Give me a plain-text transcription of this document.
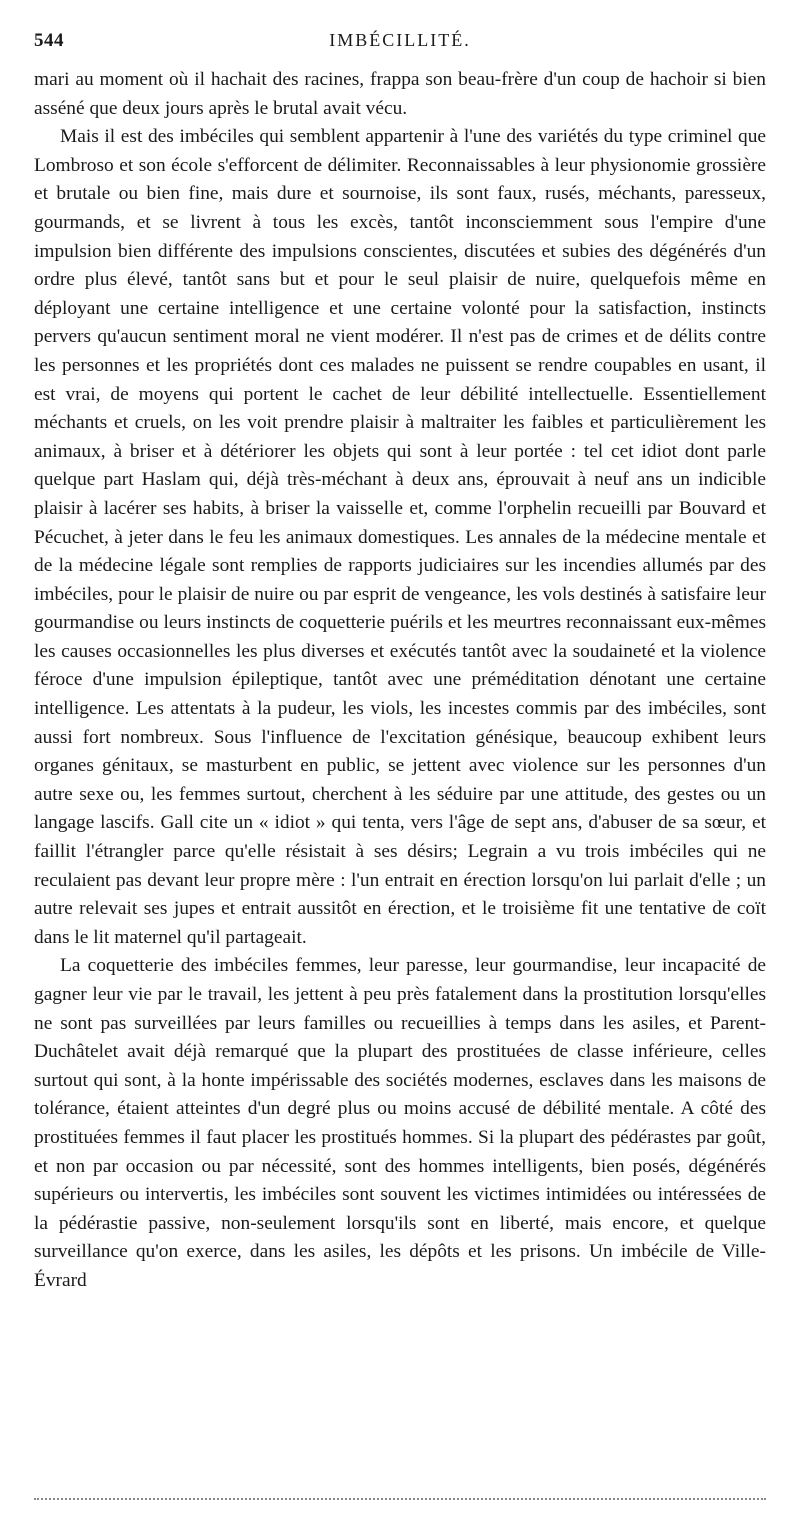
544	IMBÉCILLITÉ.

mari au moment où il hachait des racines, frappa son beau-frère d'un coup de hachoir si bien asséné que deux jours après le brutal avait vécu.

Mais il est des imbéciles qui semblent appartenir à l'une des variétés du type criminel que Lombroso et son école s'efforcent de délimiter. Reconnaissables à leur physionomie grossière et brutale ou bien fine, mais dure et sournoise, ils sont faux, rusés, méchants, paresseux, gourmands, et se livrent à tous les excès, tantôt inconsciemment sous l'empire d'une impulsion bien différente des impulsions conscientes, discutées et subies des dégénérés d'un ordre plus élevé, tantôt sans but et pour le seul plaisir de nuire, quelquefois même en déployant une certaine intelligence et une certaine volonté pour la satisfaction, instincts pervers qu'aucun sentiment moral ne vient modérer. Il n'est pas de crimes et de délits contre les personnes et les propriétés dont ces malades ne puissent se rendre coupables en usant, il est vrai, de moyens qui portent le cachet de leur débilité intellectuelle. Essentiellement méchants et cruels, on les voit prendre plaisir à maltraiter les faibles et particulièrement les animaux, à briser et à détériorer les objets qui sont à leur portée : tel cet idiot dont parle quelque part Haslam qui, déjà très-méchant à deux ans, éprouvait à neuf ans un indicible plaisir à lacérer ses habits, à briser la vaisselle et, comme l'orphelin recueilli par Bouvard et Pécuchet, à jeter dans le feu les animaux domestiques. Les annales de la médecine mentale et de la médecine légale sont remplies de rapports judiciaires sur les incendies allumés par des imbéciles, pour le plaisir de nuire ou par esprit de vengeance, les vols destinés à satisfaire leur gourmandise ou leurs instincts de coquetterie puérils et les meurtres reconnaissant eux-mêmes les causes occasionnelles les plus diverses et exécutés tantôt avec la soudaineté et la violence féroce d'une impulsion épileptique, tantôt avec une préméditation dénotant une certaine intelligence. Les attentats à la pudeur, les viols, les incestes commis par des imbéciles, sont aussi fort nombreux. Sous l'influence de l'excitation génésique, beaucoup exhibent leurs organes génitaux, se masturbent en public, se jettent avec violence sur les personnes d'un autre sexe ou, les femmes surtout, cherchent à les séduire par une attitude, des gestes ou un langage lascifs. Gall cite un « idiot » qui tenta, vers l'âge de sept ans, d'abuser de sa sœur, et faillit l'étrangler parce qu'elle résistait à ses désirs; Legrain a vu trois imbéciles qui ne reculaient pas devant leur propre mère : l'un entrait en érection lorsqu'on lui parlait d'elle ; un autre relevait ses jupes et entrait aussitôt en érection, et le troisième fit une tentative de coït dans le lit maternel qu'il partageait.

La coquetterie des imbéciles femmes, leur paresse, leur gourmandise, leur incapacité de gagner leur vie par le travail, les jettent à peu près fatalement dans la prostitution lorsqu'elles ne sont pas surveillées par leurs familles ou recueillies à temps dans les asiles, et Parent-Duchâtelet avait déjà remarqué que la plupart des prostituées de classe inférieure, celles surtout qui sont, à la honte impérissable des sociétés modernes, esclaves dans les maisons de tolérance, étaient atteintes d'un degré plus ou moins accusé de débilité mentale. A côté des prostituées femmes il faut placer les prostitués hommes. Si la plupart des pédérastes par goût, et non par occasion ou par nécessité, sont des hommes intelligents, bien posés, dégénérés supérieurs ou intervertis, les imbéciles sont souvent les victimes intimidées ou intéressées de la pédérastie passive, non-seulement lorsqu'ils sont en liberté, mais encore, et quelque surveillance qu'on exerce, dans les asiles, les dépôts et les prisons. Un imbécile de Ville-Évrard
